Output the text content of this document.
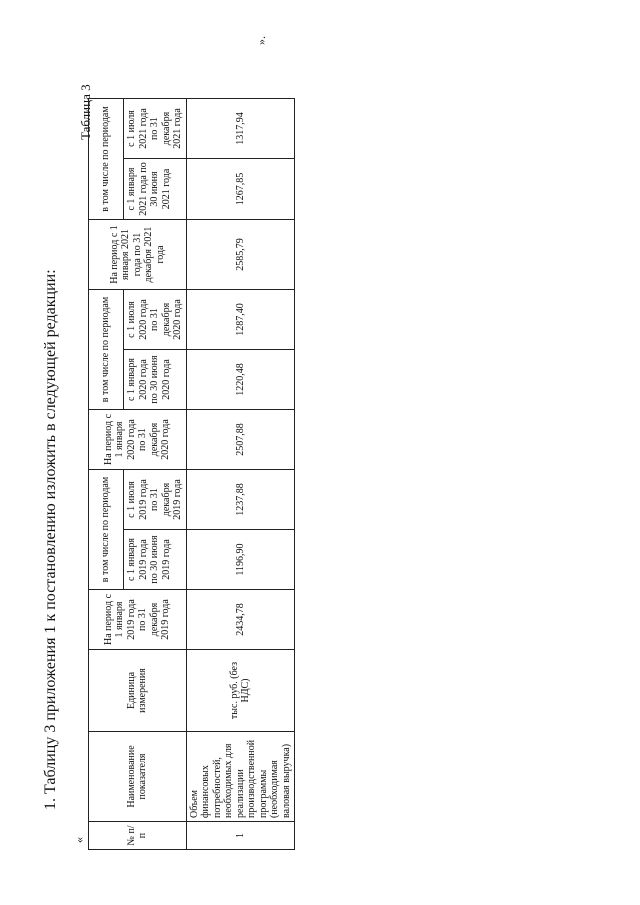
«
1. Таблицу 3 приложения 1 к постановлению изложить в следующей редакции:
Таблица 3
№ п/п	Наименование показателя	Единица измерения	На период с 1 января 2019 года по 31 декабря 2019 года	в том числе по периодам		На период с 1 января 2020 года по 31 декабря 2020 года	в том числе по периодам		На период с 1 января 2021 года по 31 декабря 2021 года	в том числе по периодам	
				с 1 января 2019 года по 30 июня 2019 года	с 1 июля 2019 года по 31 декабря 2019 года		с 1 января 2020 года по 30 июня 2020 года	с 1 июля 2020 года по 31 декабря 2020 года		с 1 января 2021 года по 30 июня 2021 года	с 1 июля 2021 года по 31 декабря 2021 года
1	Объем финансовых потребностей, необходимых для реализации производственной программы (необходимая валовая выручка)	тыс. руб. (без НДС)	2434,78	1196,90	1237,88	2507,88	1220,48	1287,40	2585,79	1267,85	1317,94
».
